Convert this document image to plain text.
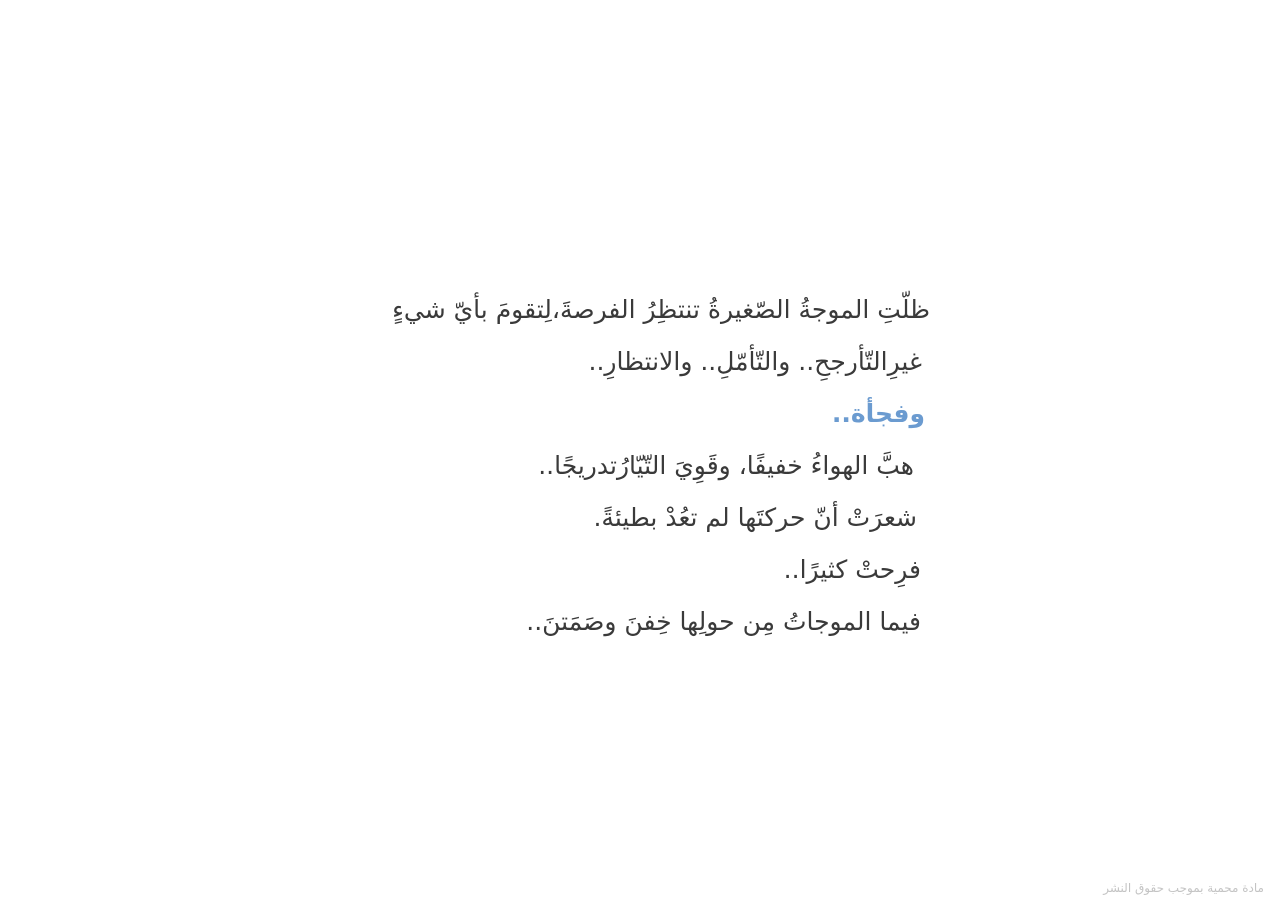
ظلّتِ الموجةُ الصّغيرةُ تنتظِرُ الفرصةَ،لِتقومَ بأيّ شيءٍ

غيرِالتّأرجحِ.. والتّأمّلِ.. والانتظارِ..

وفجأة..

هبَّ الهواءُ خفيفًا، وقَوِيَ التّيّارُتدريجًا..

شعرَتْ أنّ حركتَها لم تعُدْ بطيئةً.

فرِحتْ كثيرًا..

فيما الموجاتُ مِن حولِها خِفنَ وصَمَتنَ..

مادة محمية بموجب حقوق النشر
